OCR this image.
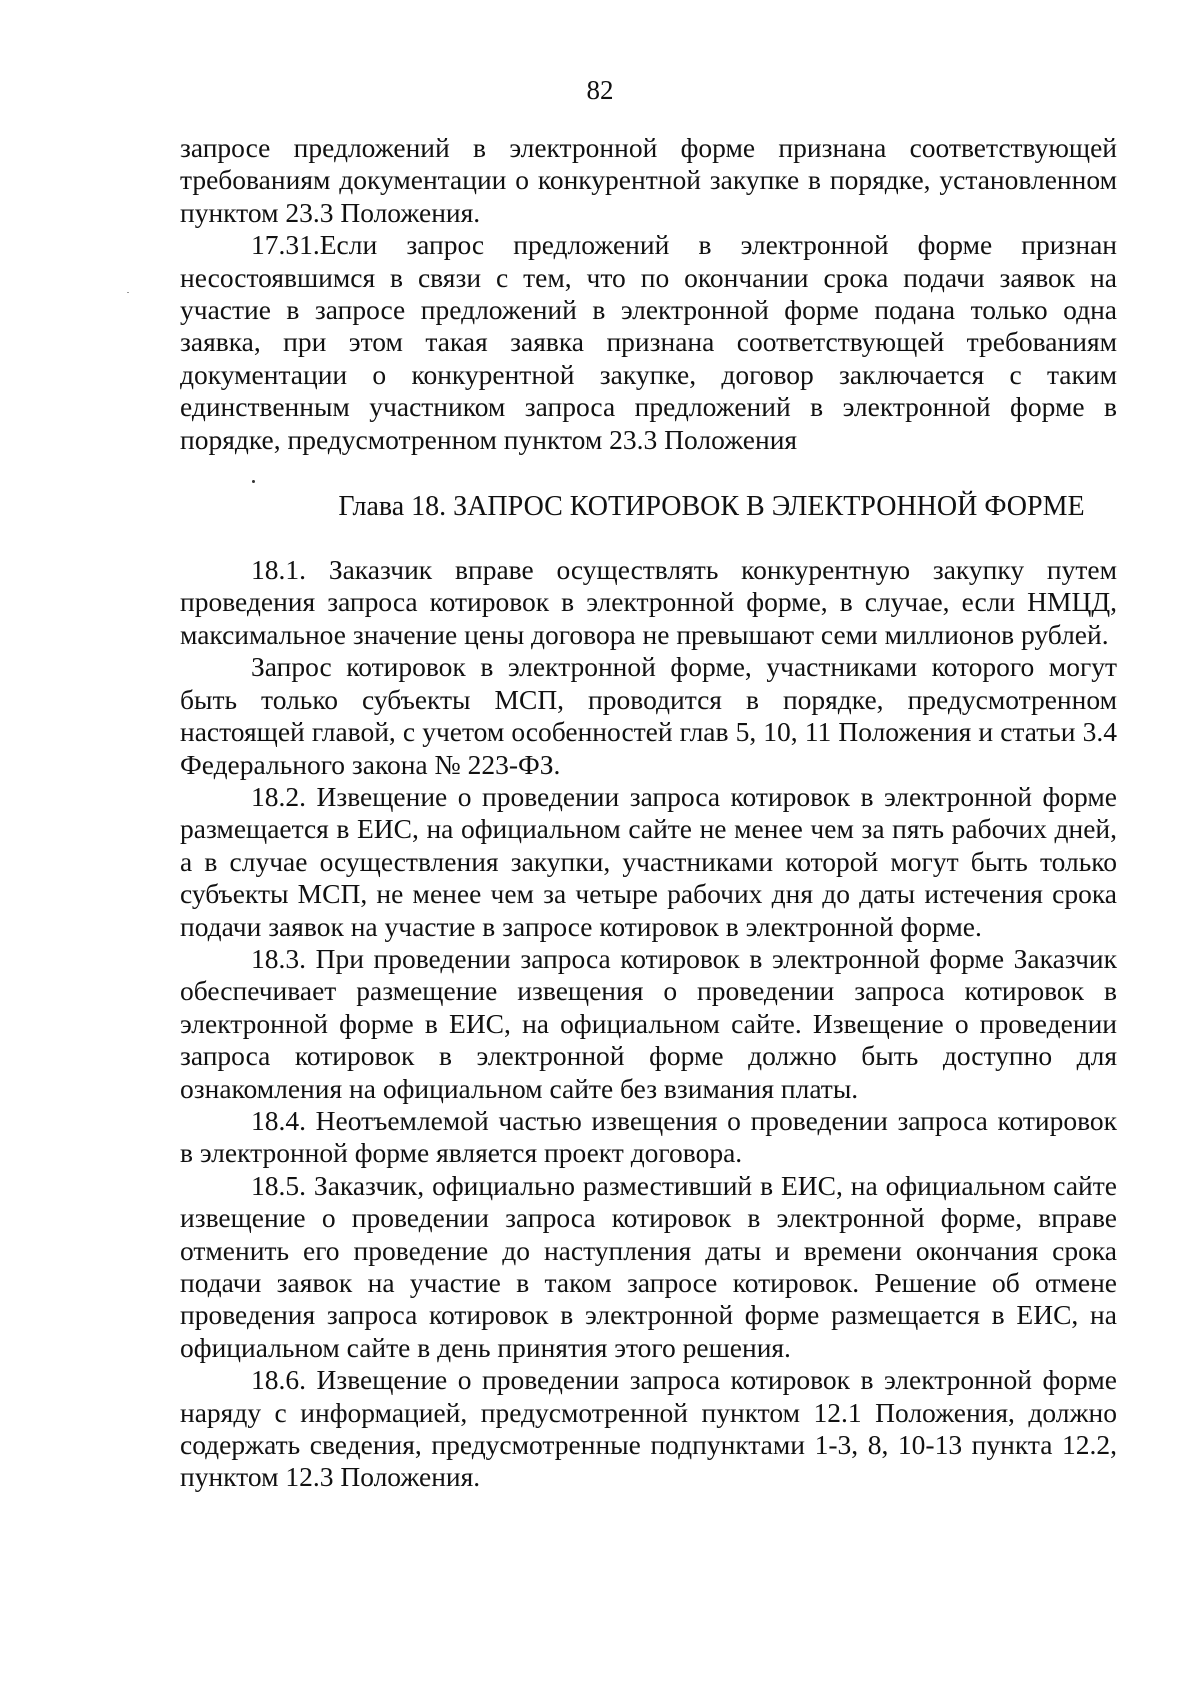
82

запросе предложений в электронной форме признана соответствующей требованиям документации о конкурентной закупке в порядке, установленном пунктом 23.3 Положения.

17.31.Если запрос предложений в электронной форме признан несостоявшимся в связи с тем, что по окончании срока подачи заявок на участие в запросе предложений в электронной форме подана только одна заявка, при этом такая заявка признана соответствующей требованиям документации о конкурентной закупке, договор заключается с таким единственным участником запроса предложений в электронной форме в порядке, предусмотренном пунктом 23.3 Положения

Глава 18. ЗАПРОС КОТИРОВОК В ЭЛЕКТРОННОЙ ФОРМЕ

18.1. Заказчик вправе осуществлять конкурентную закупку путем проведения запроса котировок в электронной форме, в случае, если НМЦД, максимальное значение цены договора не превышают семи миллионов рублей.

Запрос котировок в электронной форме, участниками которого могут быть только субъекты МСП, проводится в порядке, предусмотренном настоящей главой, с учетом особенностей глав 5, 10, 11 Положения и статьи 3.4 Федерального закона № 223-ФЗ.

18.2. Извещение о проведении запроса котировок в электронной форме размещается в ЕИС, на официальном сайте не менее чем за пять рабочих дней, а в случае осуществления закупки, участниками которой могут быть только субъекты МСП, не менее чем за четыре рабочих дня до даты истечения срока подачи заявок на участие в запросе котировок в электронной форме.

18.3. При проведении запроса котировок в электронной форме Заказчик обеспечивает размещение извещения о проведении запроса котировок в электронной форме в ЕИС, на официальном сайте. Извещение о проведении запроса котировок в электронной форме должно быть доступно для ознакомления на официальном сайте без взимания платы.

18.4. Неотъемлемой частью извещения о проведении запроса котировок в электронной форме является проект договора.

18.5. Заказчик, официально разместивший в ЕИС, на официальном сайте извещение о проведении запроса котировок в электронной форме, вправе отменить его проведение до наступления даты и времени окончания срока подачи заявок на участие в таком запросе котировок. Решение об отмене проведения запроса котировок в электронной форме размещается в ЕИС, на официальном сайте в день принятия этого решения.

18.6. Извещение о проведении запроса котировок в электронной форме наряду с информацией, предусмотренной пунктом 12.1 Положения, должно содержать сведения, предусмотренные подпунктами 1-3, 8, 10-13 пункта 12.2, пунктом 12.3 Положения.
